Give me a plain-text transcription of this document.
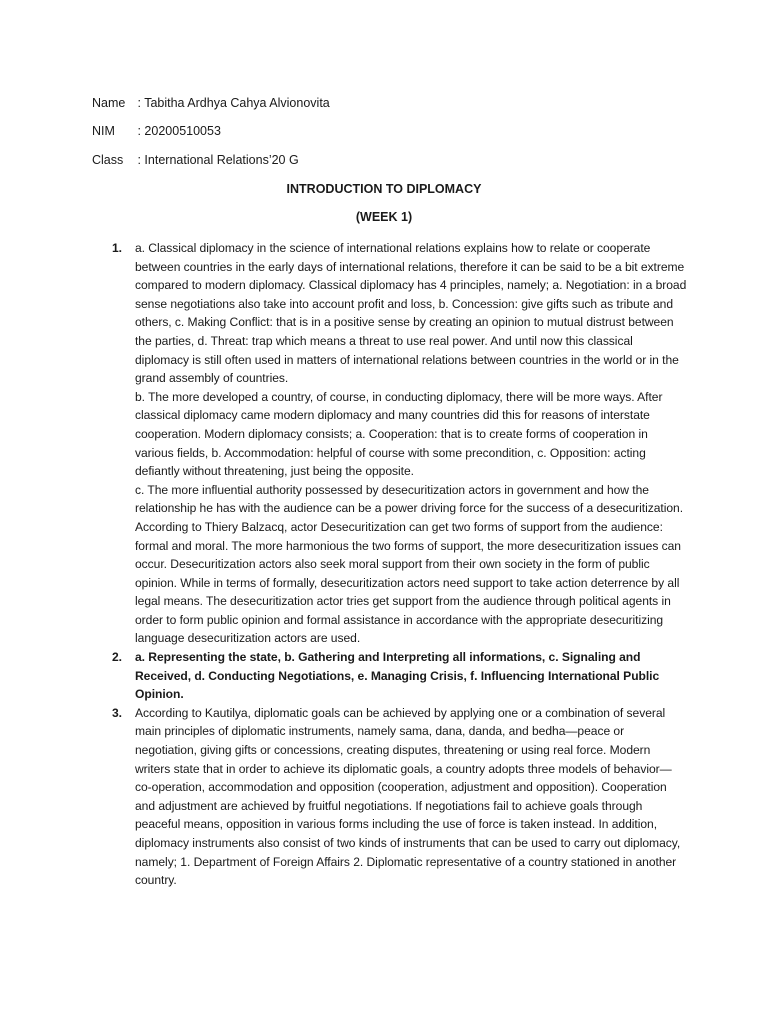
Name : Tabitha Ardhya Cahya Alvionovita
NIM : 20200510053
Class : International Relations’20 G
INTRODUCTION TO DIPLOMACY
(WEEK 1)
1. a. Classical diplomacy in the science of international relations explains how to relate or cooperate between countries in the early days of international relations, therefore it can be said to be a bit extreme compared to modern diplomacy. Classical diplomacy has 4 principles, namely; a. Negotiation: in a broad sense negotiations also take into account profit and loss, b. Concession: give gifts such as tribute and others, c. Making Conflict: that is in a positive sense by creating an opinion to mutual distrust between the parties, d. Threat: trap which means a threat to use real power. And until now this classical diplomacy is still often used in matters of international relations between countries in the world or in the grand assembly of countries.

b. The more developed a country, of course, in conducting diplomacy, there will be more ways. After classical diplomacy came modern diplomacy and many countries did this for reasons of interstate cooperation. Modern diplomacy consists; a. Cooperation: that is to create forms of cooperation in various fields, b. Accommodation: helpful of course with some precondition, c. Opposition: acting defiantly without threatening, just being the opposite.

c. The more influential authority possessed by desecuritization actors in government and how the relationship he has with the audience can be a power driving force for the success of a desecuritization. According to Thiery Balzacq, actor Desecuritization can get two forms of support from the audience: formal and moral. The more harmonious the two forms of support, the more desecuritization issues can occur. Desecuritization actors also seek moral support from their own society in the form of public opinion. While in terms of formally, desecuritization actors need support to take action deterrence by all legal means. The desecuritization actor tries get support from the audience through political agents in order to form public opinion and formal assistance in accordance with the appropriate desecuritizing language desecuritization actors are used.

2. a. Representing the state, b. Gathering and Interpreting all informations, c. Signaling and Received, d. Conducting Negotiations, e. Managing Crisis, f. Influencing International Public Opinion.

3. According to Kautilya, diplomatic goals can be achieved by applying one or a combination of several main principles of diplomatic instruments, namely sama, dana, danda, and bedha—peace or negotiation, giving gifts or concessions, creating disputes, threatening or using real force. Modern writers state that in order to achieve its diplomatic goals, a country adopts three models of behavior—co-operation, accommodation and opposition (cooperation, adjustment and opposition). Cooperation and adjustment are achieved by fruitful negotiations. If negotiations fail to achieve goals through peaceful means, opposition in various forms including the use of force is taken instead. In addition, diplomacy instruments also consist of two kinds of instruments that can be used to carry out diplomacy, namely; 1. Department of Foreign Affairs 2. Diplomatic representative of a country stationed in another country.
